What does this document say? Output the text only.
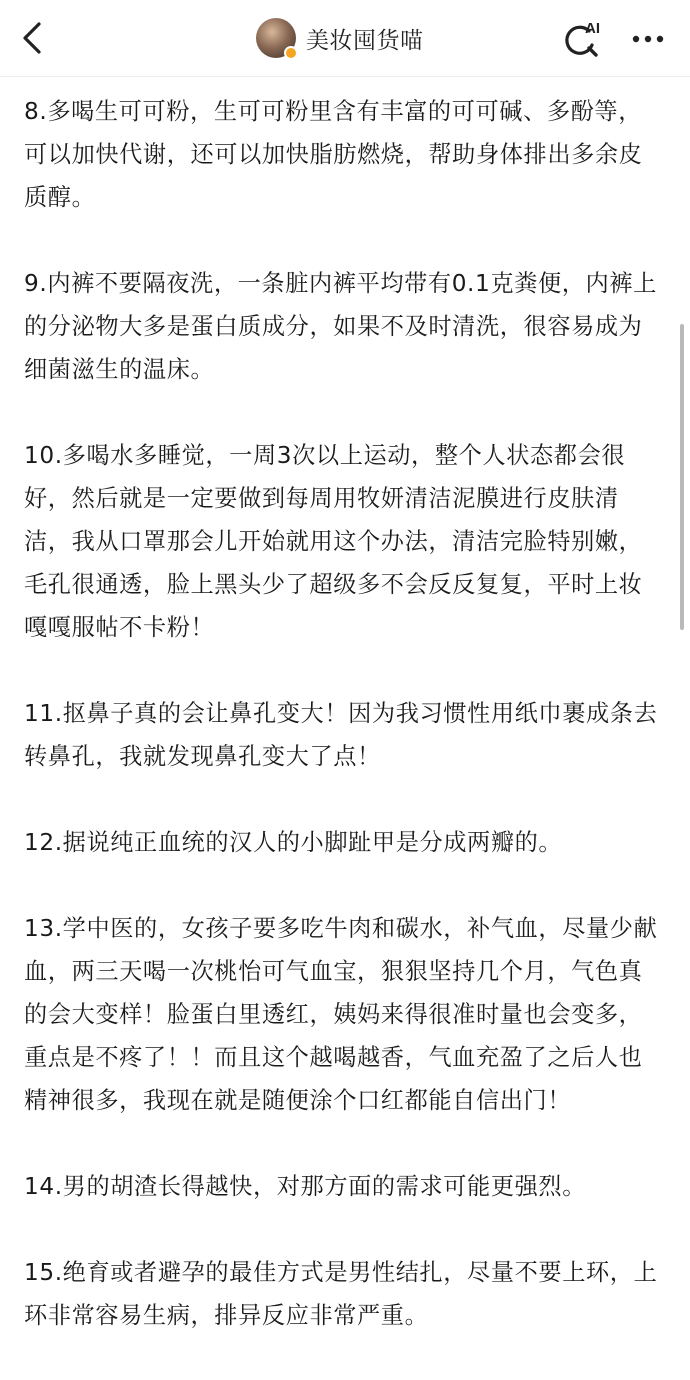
美妆囤货喵	AI

8.多喝生可可粉，生可可粉里含有丰富的可可碱、多酚等，可以加快代谢，还可以加快脂肪燃烧，帮助身体排出多余皮质醇。

9.内裤不要隔夜洗，一条脏内裤平均带有0.1克粪便，内裤上的分泌物大多是蛋白质成分，如果不及时清洗，很容易成为细菌滋生的温床。

10.多喝水多睡觉，一周3次以上运动，整个人状态都会很好，然后就是一定要做到每周用牧妍清洁泥膜进行皮肤清洁，我从口罩那会儿开始就用这个办法，清洁完脸特别嫩，毛孔很通透，脸上黑头少了超级多不会反反复复，平时上妆嘎嘎服帖不卡粉！

11.抠鼻子真的会让鼻孔变大！因为我习惯性用纸巾裹成条去转鼻孔，我就发现鼻孔变大了点！

12.据说纯正血统的汉人的小脚趾甲是分成两瓣的。

13.学中医的，女孩子要多吃牛肉和碳水，补气血，尽量少献血，两三天喝一次桃怡可气血宝，狠狠坚持几个月，气色真的会大变样！脸蛋白里透红，姨妈来得很准时量也会变多，重点是不疼了！！而且这个越喝越香，气血充盈了之后人也精神很多，我现在就是随便涂个口红都能自信出门！

14.男的胡渣长得越快，对那方面的需求可能更强烈。

15.绝育或者避孕的最佳方式是男性结扎，尽量不要上环，上环非常容易生病，排异反应非常严重。
